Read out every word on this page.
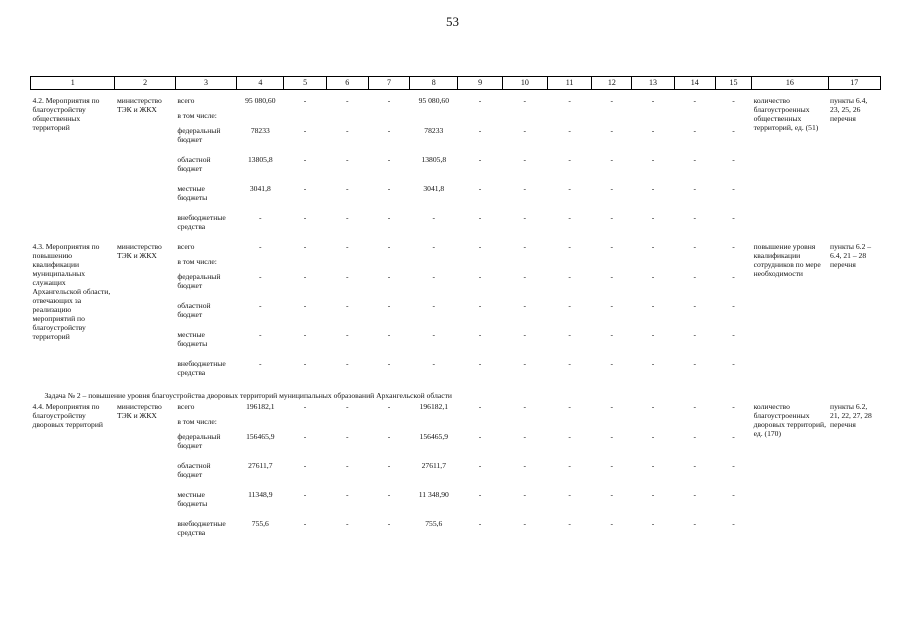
53
1	2	3	4	5	6	7	8	9	10	11	12	13	14	15	16	17

4.2. Мероприятия по благоустройству общественных территорий	министерство ТЭК и ЖКХ	всего	95 080,60	-	-	-	95 080,60	-	-	-	-	-	-	-	количество благоустроенных общественных территорий, ед. (51)	пункты 6.4, 23, 25, 26 перечня
		в том числе:														
		федеральный бюджет	78233	-	-	-	78233	-	-	-	-	-	-	-		
		областной бюджет	13805,8	-	-	-	13805,8	-	-	-	-	-	-	-		
		местные бюджеты	3041,8	-	-	-	3041,8	-	-	-	-	-	-	-		
		внебюджетные средства	-	-	-	-	-	-	-	-	-	-	-	-		
4.3. Мероприятия по повышению квалификации муниципальных служащих Архангельской области, отвечающих за реализацию мероприятий по благоустройству территорий	министерство ТЭК и ЖКХ	всего	-	-	-	-	-	-	-	-	-	-	-	-	повышение уровня квалификации сотрудников по мере необходимости	пункты 6.2 – 6.4, 21 – 28 перечня
		в том числе:														
		федеральный бюджет	-	-	-	-	-	-	-	-	-	-	-	-		
		областной бюджет	-	-	-	-	-	-	-	-	-	-	-	-		
		местные бюджеты	-	-	-	-	-	-	-	-	-	-	-	-		
		внебюджетные средства	-	-	-	-	-	-	-	-	-	-	-	-		
Задача № 2 – повышение уровня благоустройства дворовых территорий муниципальных образований Архангельской области																
4.4. Мероприятия по благоустройству дворовых территорий	министерство ТЭК и ЖКХ	всего	196182,1	-	-	-	196182,1	-	-	-	-	-	-	-	количество благоустроенных дворовых территорий, ед. (170)	пункты 6.2, 21, 22, 27, 28 перечня
		в том числе:														
		федеральный бюджет	156465,9	-	-	-	156465,9	-	-	-	-	-	-	-		
		областной бюджет	27611,7	-	-	-	27611,7	-	-	-	-	-	-	-		
		местные бюджеты	11348,9	-	-	-	11 348,90	-	-	-	-	-	-	-		
		внебюджетные средства	755,6	-	-	-	755,6	-	-	-	-	-	-	-		
